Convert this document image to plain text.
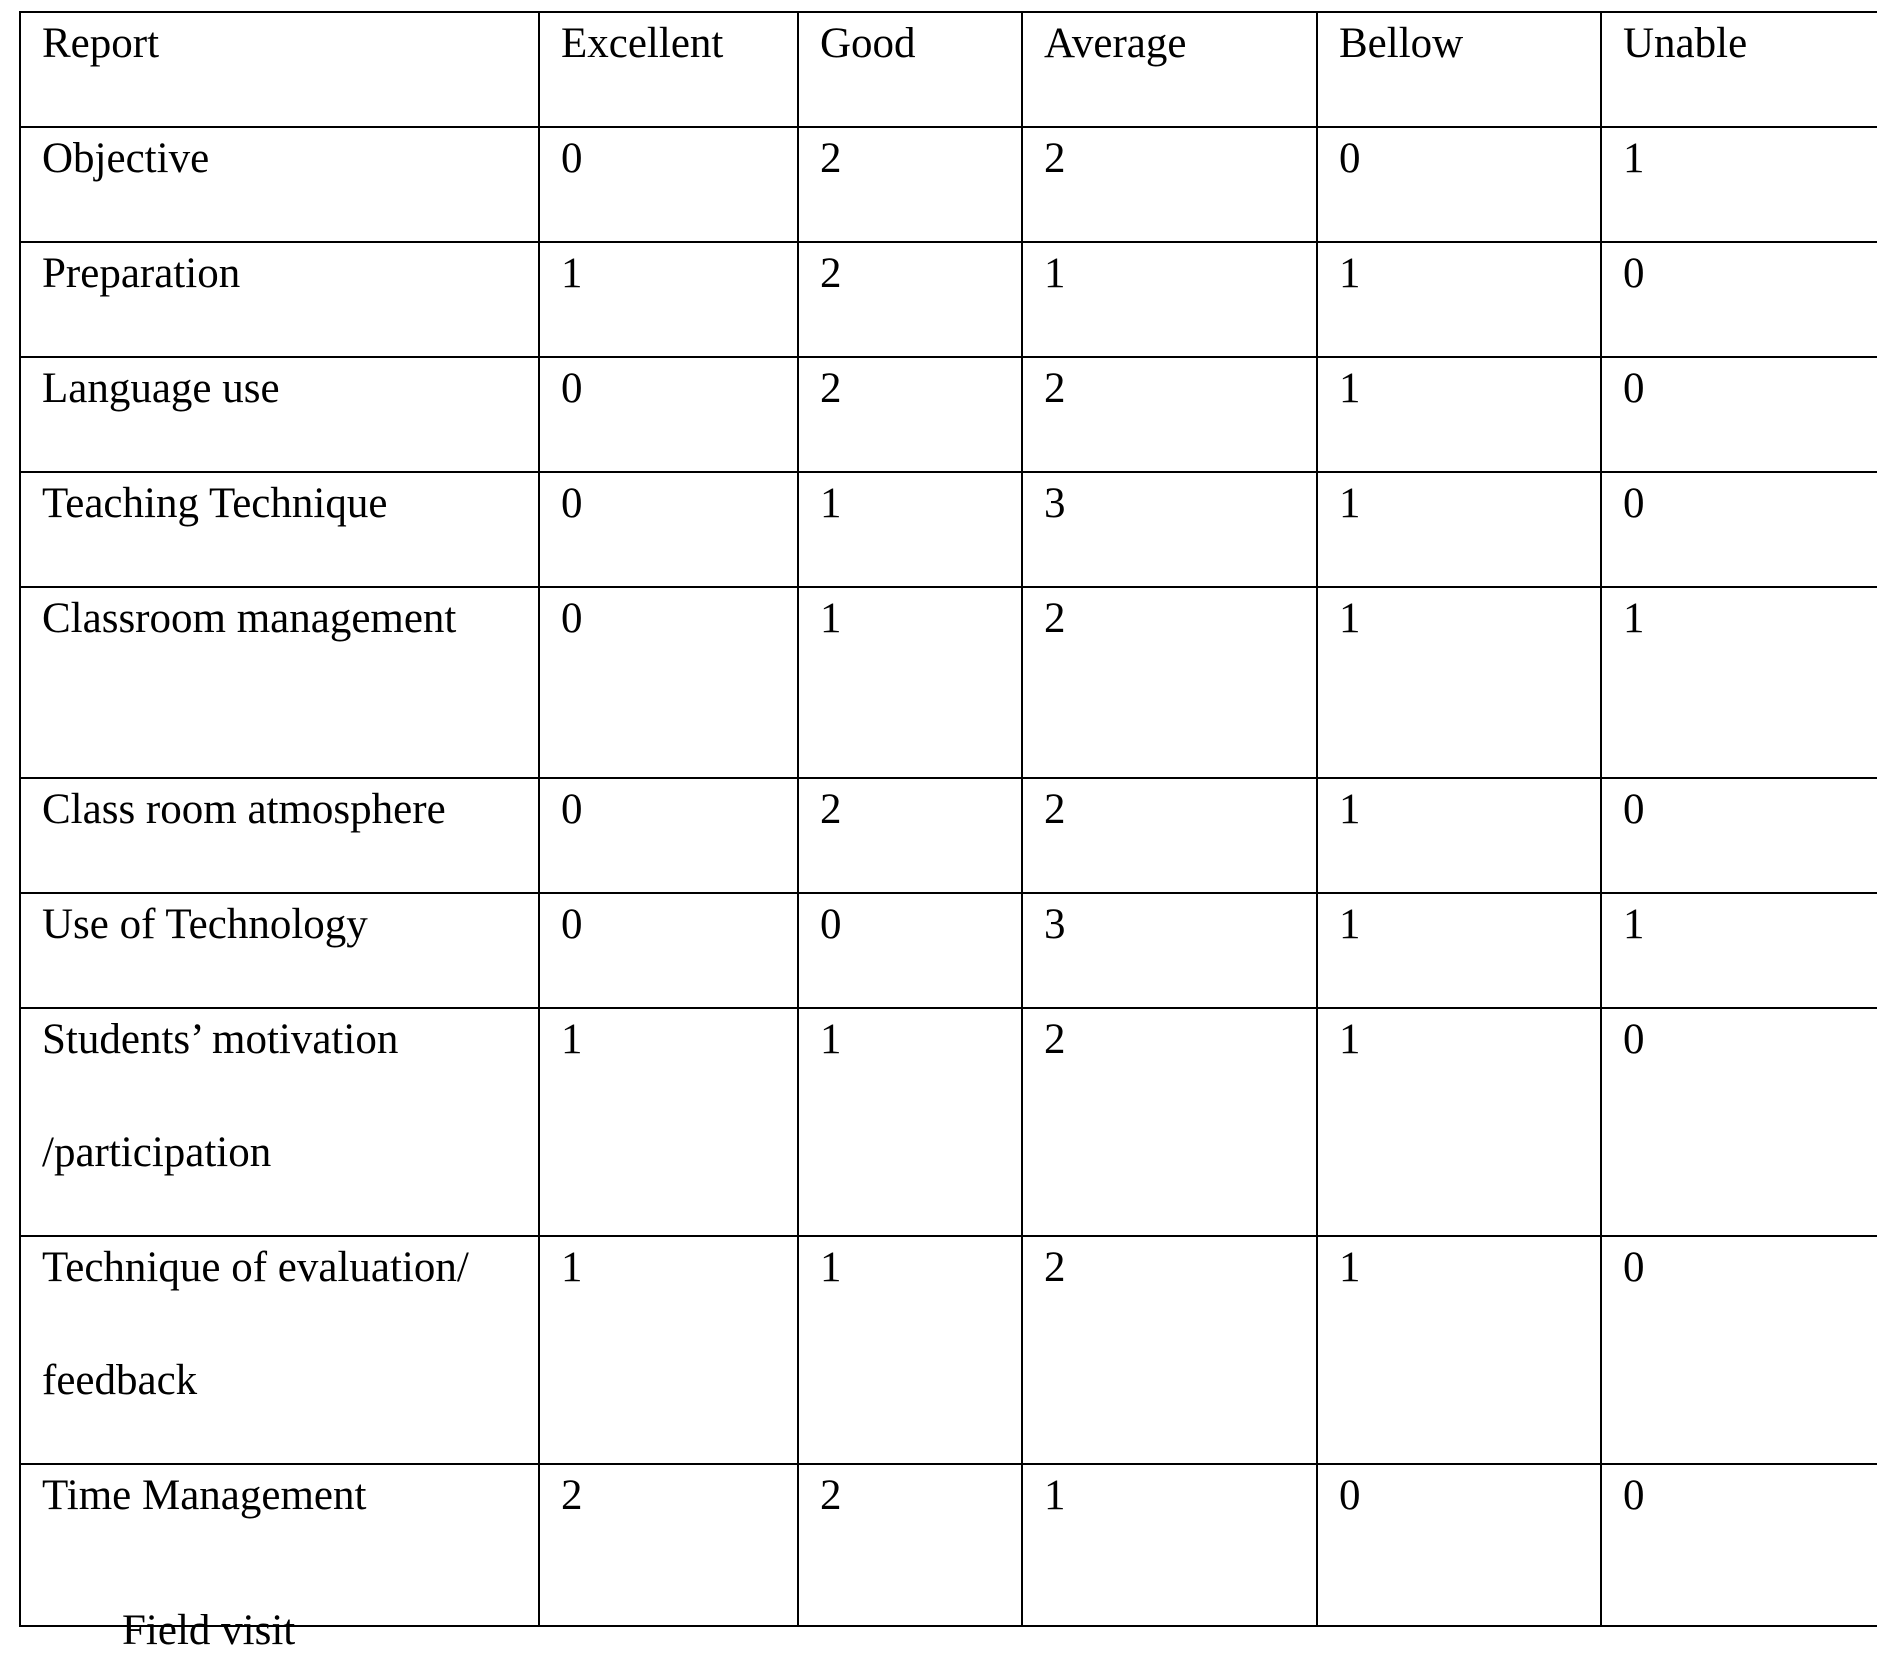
Report	Excellent	Good	Average	Bellow	Unable

Objective	0	2	2	0	1

Preparation	1	2	1	1	0

Language use	0	2	2	1	0

Teaching Technique	0	1	3	1	0

Classroom management	0	1	2	1	1

Class room atmosphere	0	2	2	1	0

Use of Technology	0	0	3	1	1

Students’ motivation /participation	1	1	2	1	0

Technique of evaluation/ feedback	1	1	2	1	0

Time Management	2	2	1	0	0
Field visit
